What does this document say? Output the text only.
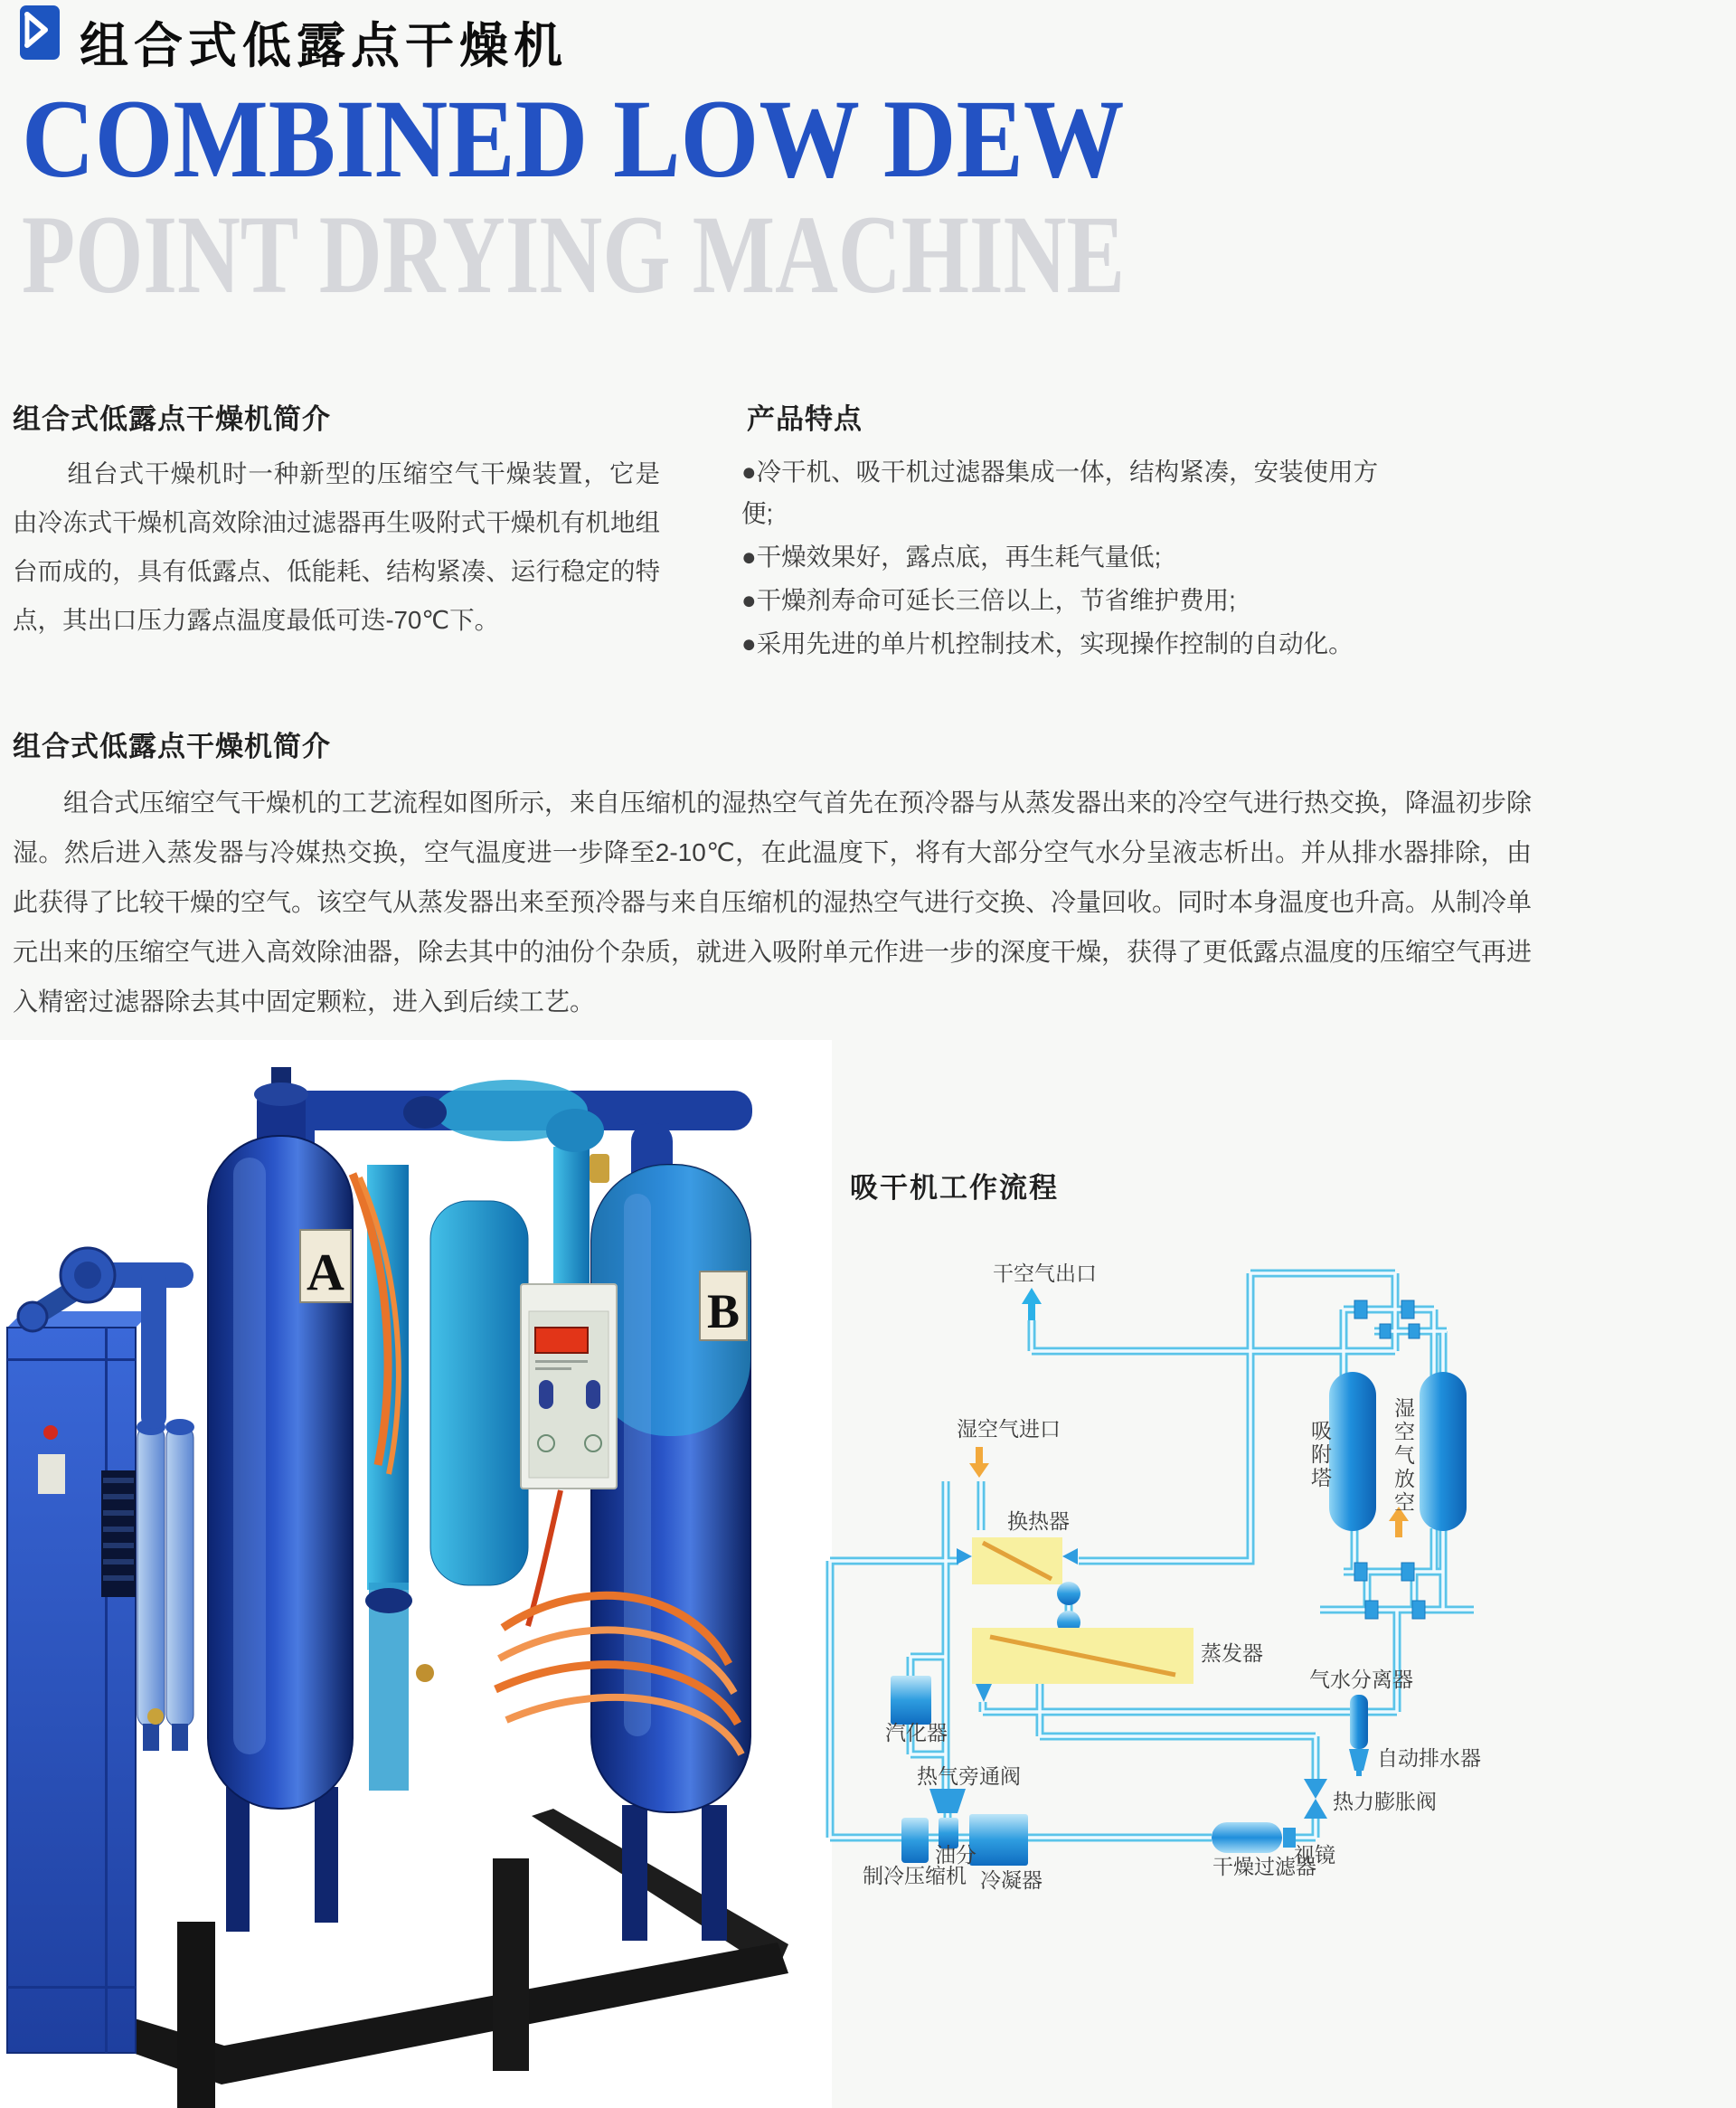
组合式低露点干燥机
COMBINED LOW DEW
POINT DRYING MACHINE
组合式低露点干燥机简介
组台式干燥机时一种新型的压缩空气干燥装置，它是由冷冻式干燥机高效除油过滤器再生吸附式干燥机有机地组台而成的，具有低露点、低能耗、结构紧凑、运行稳定的特点，其出口压力露点温度最低可迭-70℃下。
产品特点
●冷干机、吸干机过滤器集成一体，结构紧凑，安装使用方便;
●干燥效果好，露点底，再生耗气量低;
●干燥剂寿命可延长三倍以上，节省维护费用;
●采用先进的单片机控制技术，实现操作控制的自动化。
组合式低露点干燥机简介
组合式压缩空气干燥机的工艺流程如图所示，来自压缩机的湿热空气首先在预冷器与从蒸发器出来的冷空气进行热交换，降温初步除湿。然后进入蒸发器与冷媒热交换，空气温度进一步降至2-10℃，在此温度下，将有大部分空气水分呈液志析出。并从排水器排除，由此获得了比较干燥的空气。该空气从蒸发器出来至预冷器与来自压缩机的湿热空气进行交换、冷量回收。同时本身温度也升高。从制冷单元出来的压缩空气进入高效除油器，除去其中的油份个杂质，就进入吸附单元作进一步的深度干燥，获得了更低露点温度的压缩空气再进入精密过滤器除去其中固定颗粒，进入到后续工艺。
A
B
吸干机工作流程
干空气出口
湿空气进口
换热器
蒸发器
吸附塔	湿空气放空
气水分离器
自动排水器
热力膨胀阀
视镜
干燥过滤器
冷凝器
油分
制冷压缩机
热气旁通阀
汽化器
